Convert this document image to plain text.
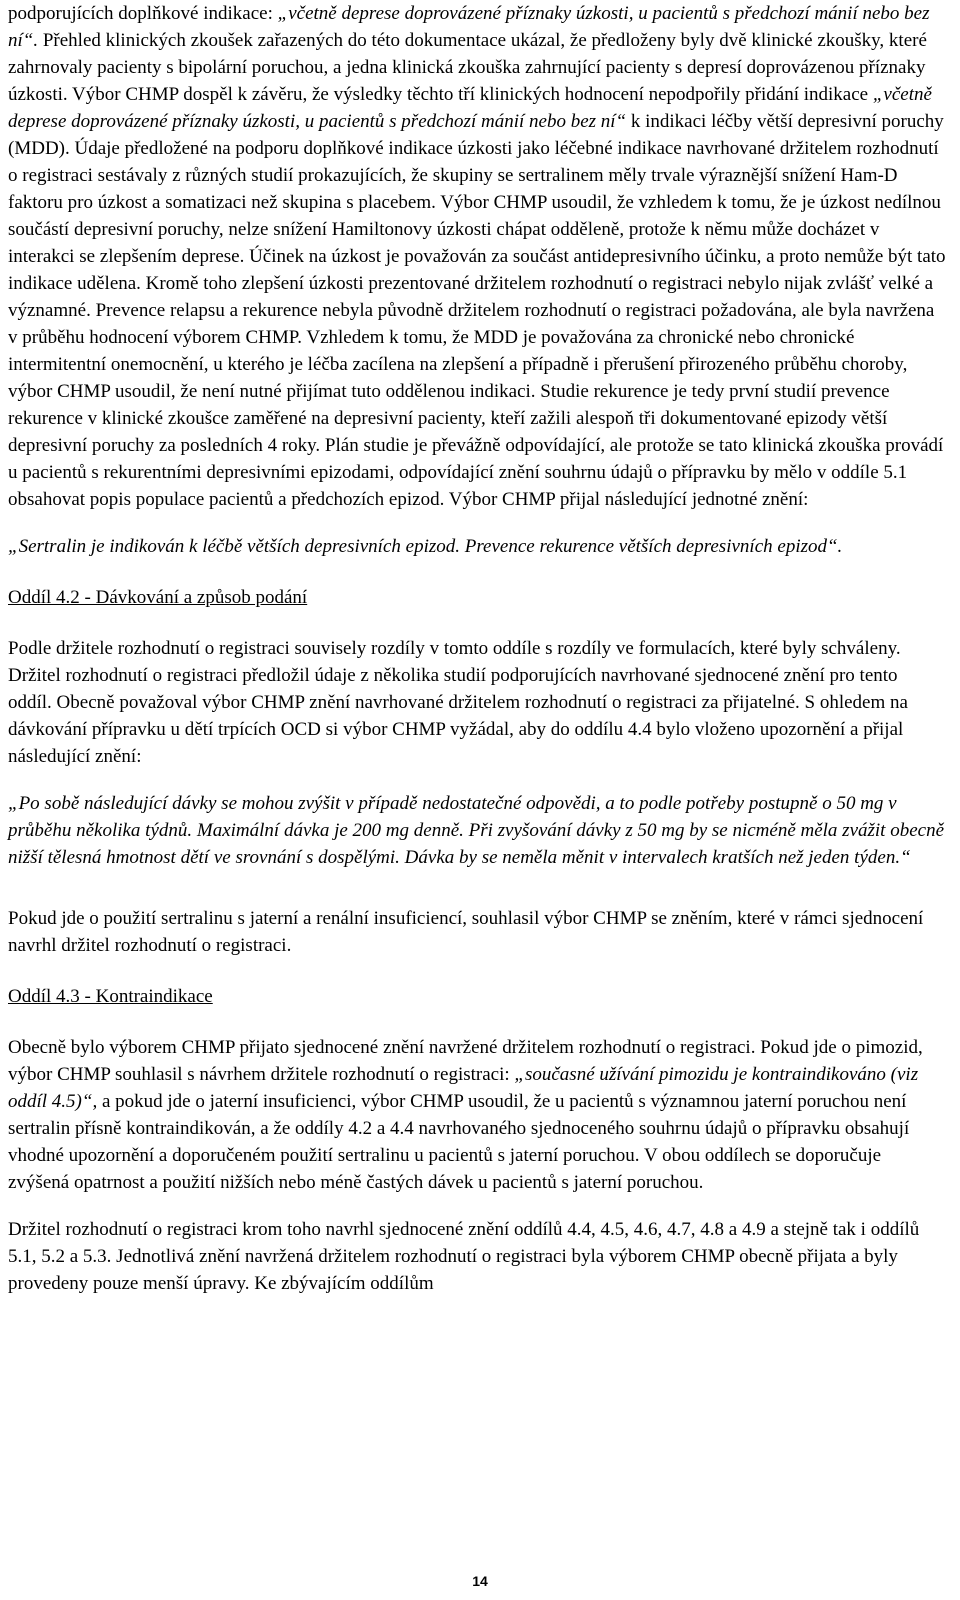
podporujících doplňkové indikace: „včetně deprese doprovázené příznaky úzkosti, u pacientů s předchozí mánií nebo bez ní“. Přehled klinických zkoušek zařazených do této dokumentace ukázal, že předloženy byly dvě klinické zkoušky, které zahrnovaly pacienty s bipolární poruchou, a jedna klinická zkouška zahrnující pacienty s depresí doprovázenou příznaky úzkosti. Výbor CHMP dospěl k závěru, že výsledky těchto tří klinických hodnocení nepodpořily přidání indikace „včetně deprese doprovázené příznaky úzkosti, u pacientů s předchozí mánií nebo bez ní“ k indikaci léčby větší depresivní poruchy (MDD). Údaje předložené na podporu doplňkové indikace úzkosti jako léčebné indikace navrhované držitelem rozhodnutí o registraci sestávaly z různých studií prokazujících, že skupiny se sertralinem měly trvale výraznější snížení Ham-D faktoru pro úzkost a somatizaci než skupina s placebem. Výbor CHMP usoudil, že vzhledem k tomu, že je úzkost nedílnou součástí depresivní poruchy, nelze snížení Hamiltonovy úzkosti chápat odděleně, protože k němu může docházet v interakci se zlepšením deprese. Účinek na úzkost je považován za součást antidepresivního účinku, a proto nemůže být tato indikace udělena. Kromě toho zlepšení úzkosti prezentované držitelem rozhodnutí o registraci nebylo nijak zvlášť velké a významné. Prevence relapsu a rekurence nebyla původně držitelem rozhodnutí o registraci požadována, ale byla navržena v průběhu hodnocení výborem CHMP. Vzhledem k tomu, že MDD je považována za chronické nebo chronické intermitentní onemocnění, u kterého je léčba zacílena na zlepšení a případně i přerušení přirozeného průběhu choroby, výbor CHMP usoudil, že není nutné přijímat tuto oddělenou indikaci. Studie rekurence je tedy první studií prevence rekurence v klinické zkoušce zaměřené na depresivní pacienty, kteří zažili alespoň tři dokumentované epizody větší depresivní poruchy za posledních 4 roky. Plán studie je převážně odpovídající, ale protože se tato klinická zkouška provádí u pacientů s rekurentními depresivními epizodami, odpovídající znění souhrnu údajů o přípravku by mělo v oddíle 5.1 obsahovat popis populace pacientů a předchozích epizod. Výbor CHMP přijal následující jednotné znění:

„Sertralin je indikován k léčbě větších depresivních epizod. Prevence rekurence větších depresivních epizod“.

Oddíl 4.2 - Dávkování a způsob podání

Podle držitele rozhodnutí o registraci souvisely rozdíly v tomto oddíle s rozdíly ve formulacích, které byly schváleny. Držitel rozhodnutí o registraci předložil údaje z několika studií podporujících navrhované sjednocené znění pro tento oddíl. Obecně považoval výbor CHMP znění navrhované držitelem rozhodnutí o registraci za přijatelné. S ohledem na dávkování přípravku u dětí trpících OCD si výbor CHMP vyžádal, aby do oddílu 4.4 bylo vloženo upozornění a přijal následující znění:

„Po sobě následující dávky se mohou zvýšit v případě nedostatečné odpovědi, a to podle potřeby postupně o 50 mg v průběhu několika týdnů. Maximální dávka je 200 mg denně. Při zvyšování dávky z 50 mg by se nicméně měla zvážit obecně nižší tělesná hmotnost dětí ve srovnání s dospělými. Dávka by se neměla měnit v intervalech kratších než jeden týden.“

Pokud jde o použití sertralinu s jaterní a renální insuficiencí, souhlasil výbor CHMP se zněním, které v rámci sjednocení navrhl držitel rozhodnutí o registraci.

Oddíl 4.3 - Kontraindikace

Obecně bylo výborem CHMP přijato sjednocené znění navržené držitelem rozhodnutí o registraci. Pokud jde o pimozid, výbor CHMP souhlasil s návrhem držitele rozhodnutí o registraci: „současné užívání pimozidu je kontraindikováno (viz oddíl 4.5)“, a pokud jde o jaterní insuficienci, výbor CHMP usoudil, že u pacientů s významnou jaterní poruchou není sertralin přísně kontraindikován, a že oddíly 4.2 a 4.4 navrhovaného sjednoceného souhrnu údajů o přípravku obsahují vhodné upozornění a doporučeném použití sertralinu u pacientů s jaterní poruchou. V obou oddílech se doporučuje zvýšená opatrnost a použití nižších nebo méně častých dávek u pacientů s jaterní poruchou.

Držitel rozhodnutí o registraci krom toho navrhl sjednocené znění oddílů 4.4, 4.5, 4.6, 4.7, 4.8 a 4.9 a stejně tak i oddílů 5.1, 5.2 a 5.3. Jednotlivá znění navržená držitelem rozhodnutí o registraci byla výborem CHMP obecně přijata a byly provedeny pouze menší úpravy. Ke zbývajícím oddílům

14
